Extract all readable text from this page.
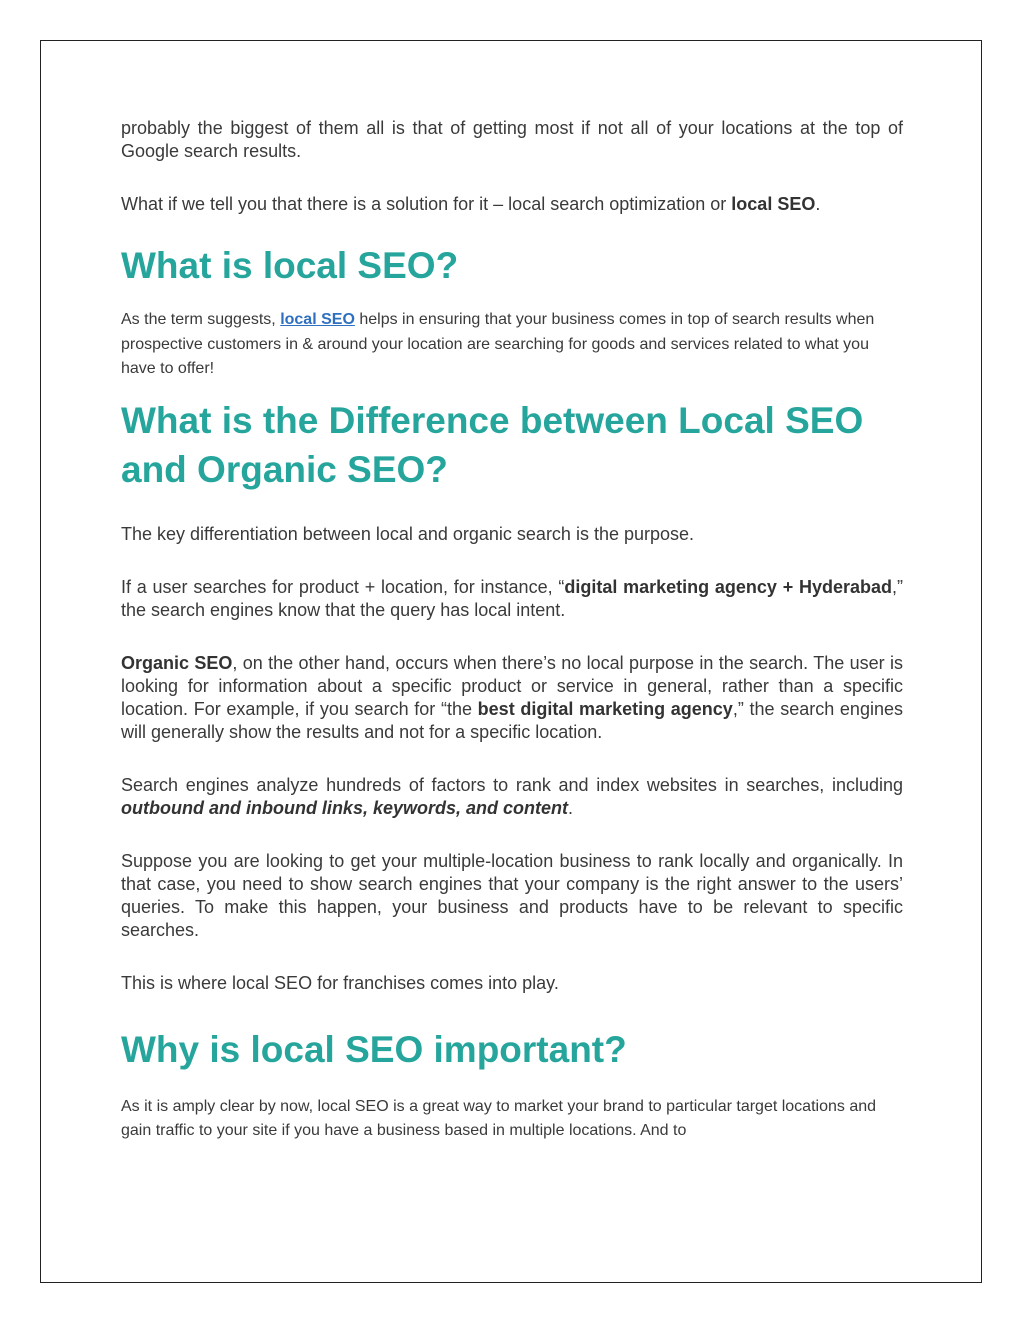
probably the biggest of them all is that of getting most if not all of your locations at the top of Google search results.

What if we tell you that there is a solution for it – local search optimization or local SEO.

What is local SEO?

As the term suggests, local SEO helps in ensuring that your business comes in top of search results when prospective customers in & around your location are searching for goods and services related to what you have to offer!

What is the Difference between Local SEO and Organic SEO?

The key differentiation between local and organic search is the purpose.

If a user searches for product + location, for instance, “digital marketing agency + Hyderabad,” the search engines know that the query has local intent.

Organic SEO, on the other hand, occurs when there’s no local purpose in the search. The user is looking for information about a specific product or service in general, rather than a specific location. For example, if you search for “the best digital marketing agency,” the search engines will generally show the results and not for a specific location.

Search engines analyze hundreds of factors to rank and index websites in searches, including outbound and inbound links, keywords, and content.

Suppose you are looking to get your multiple-location business to rank locally and organically. In that case, you need to show search engines that your company is the right answer to the users’ queries. To make this happen, your business and products have to be relevant to specific searches.

This is where local SEO for franchises comes into play.

Why is local SEO important?

As it is amply clear by now, local SEO is a great way to market your brand to particular target locations and gain traffic to your site if you have a business based in multiple locations. And to
